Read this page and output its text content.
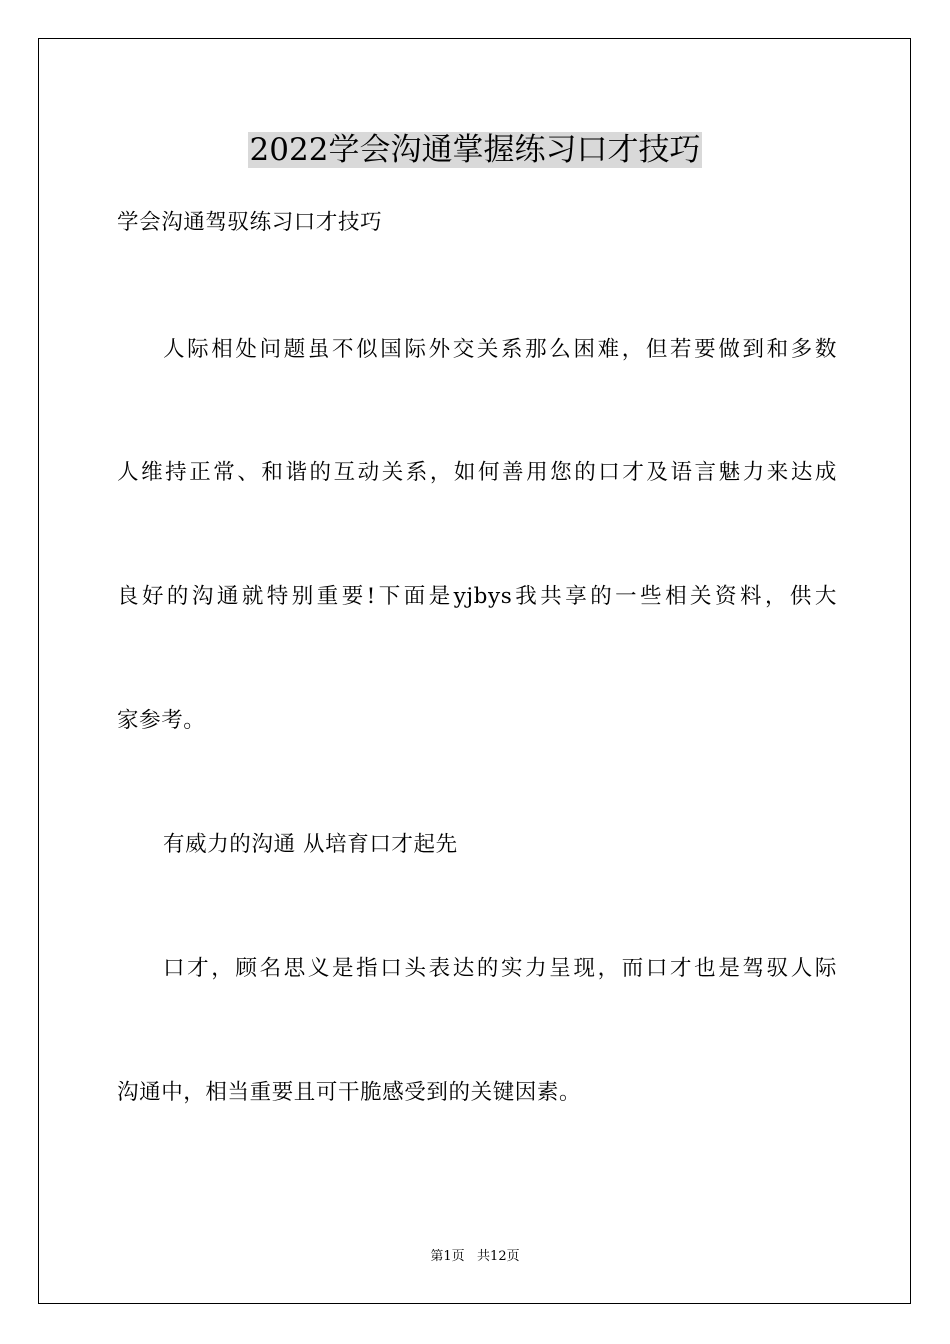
2022学会沟通掌握练习口才技巧

学会沟通驾驭练习口才技巧

人际相处问题虽不似国际外交关系那么困难，但若要做到和多数

人维持正常、和谐的互动关系，如何善用您的口才及语言魅力来达成

良好的沟通就特别重要!下面是yjbys我共享的一些相关资料，供大

家参考。

有威力的沟通 从培育口才起先

口才，顾名思义是指口头表达的实力呈现，而口才也是驾驭人际

沟通中，相当重要且可干脆感受到的关键因素。

第1页   共12页
